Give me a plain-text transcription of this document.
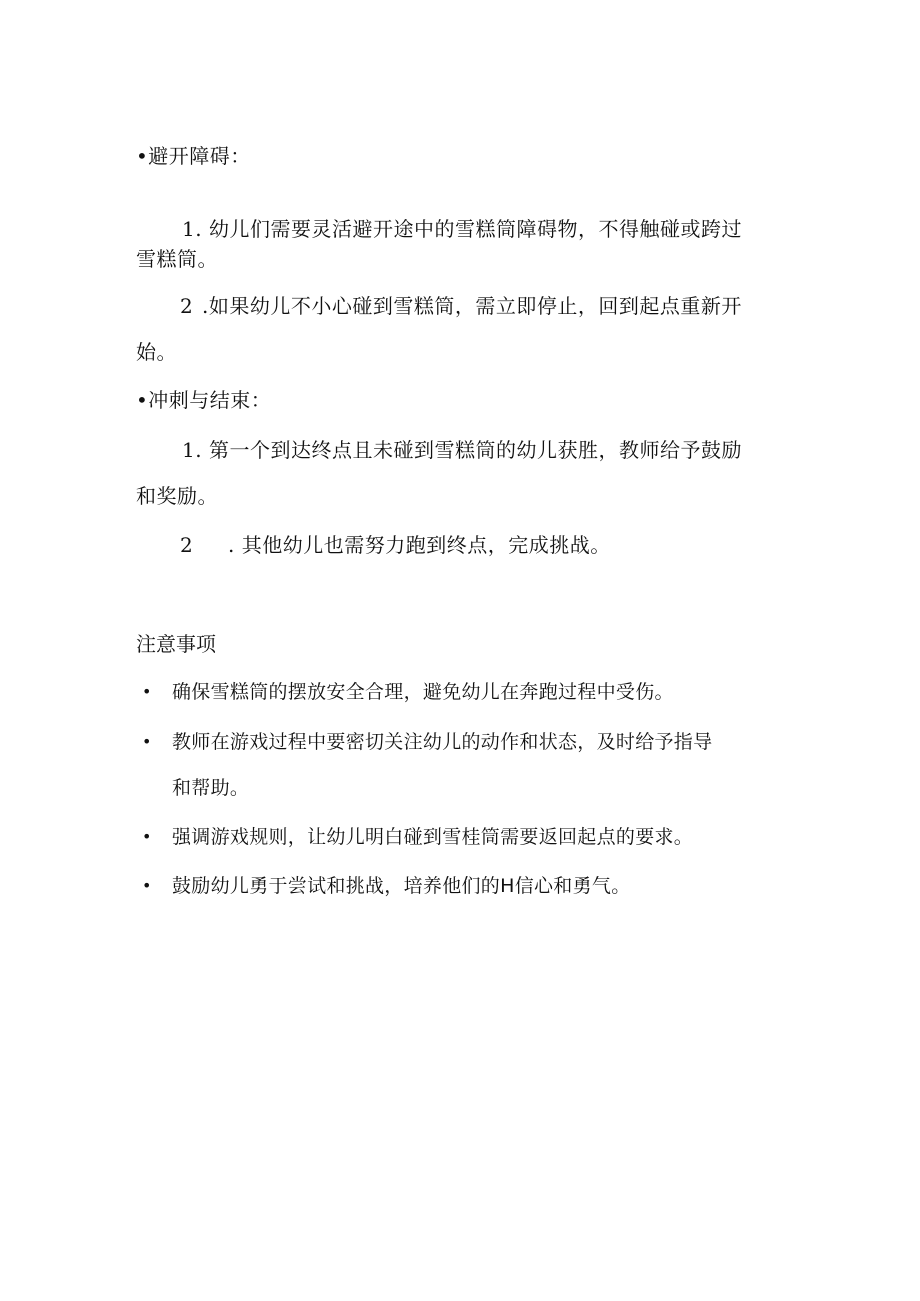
•避开障碍：
1. 幼儿们需要灵活避开途中的雪糕筒障碍物，不得触碰或跨过
雪糕筒。
2 .如果幼儿不小心碰到雪糕筒，需立即停止，回到起点重新开
始。
•冲刺与结束：
1. 第一个到达终点且未碰到雪糕筒的幼儿获胜，教师给予鼓励
和奖励。
2 . 其他幼儿也需努力跑到终点，完成挑战。
注意事项
• 确保雪糕筒的摆放安全合理，避免幼儿在奔跑过程中受伤。
• 教师在游戏过程中要密切关注幼儿的动作和状态，及时给予指导
和帮助。
• 强调游戏规则，让幼儿明白碰到雪桂筒需要返回起点的要求。
• 鼓励幼儿勇于尝试和挑战，培养他们的H信心和勇气。
